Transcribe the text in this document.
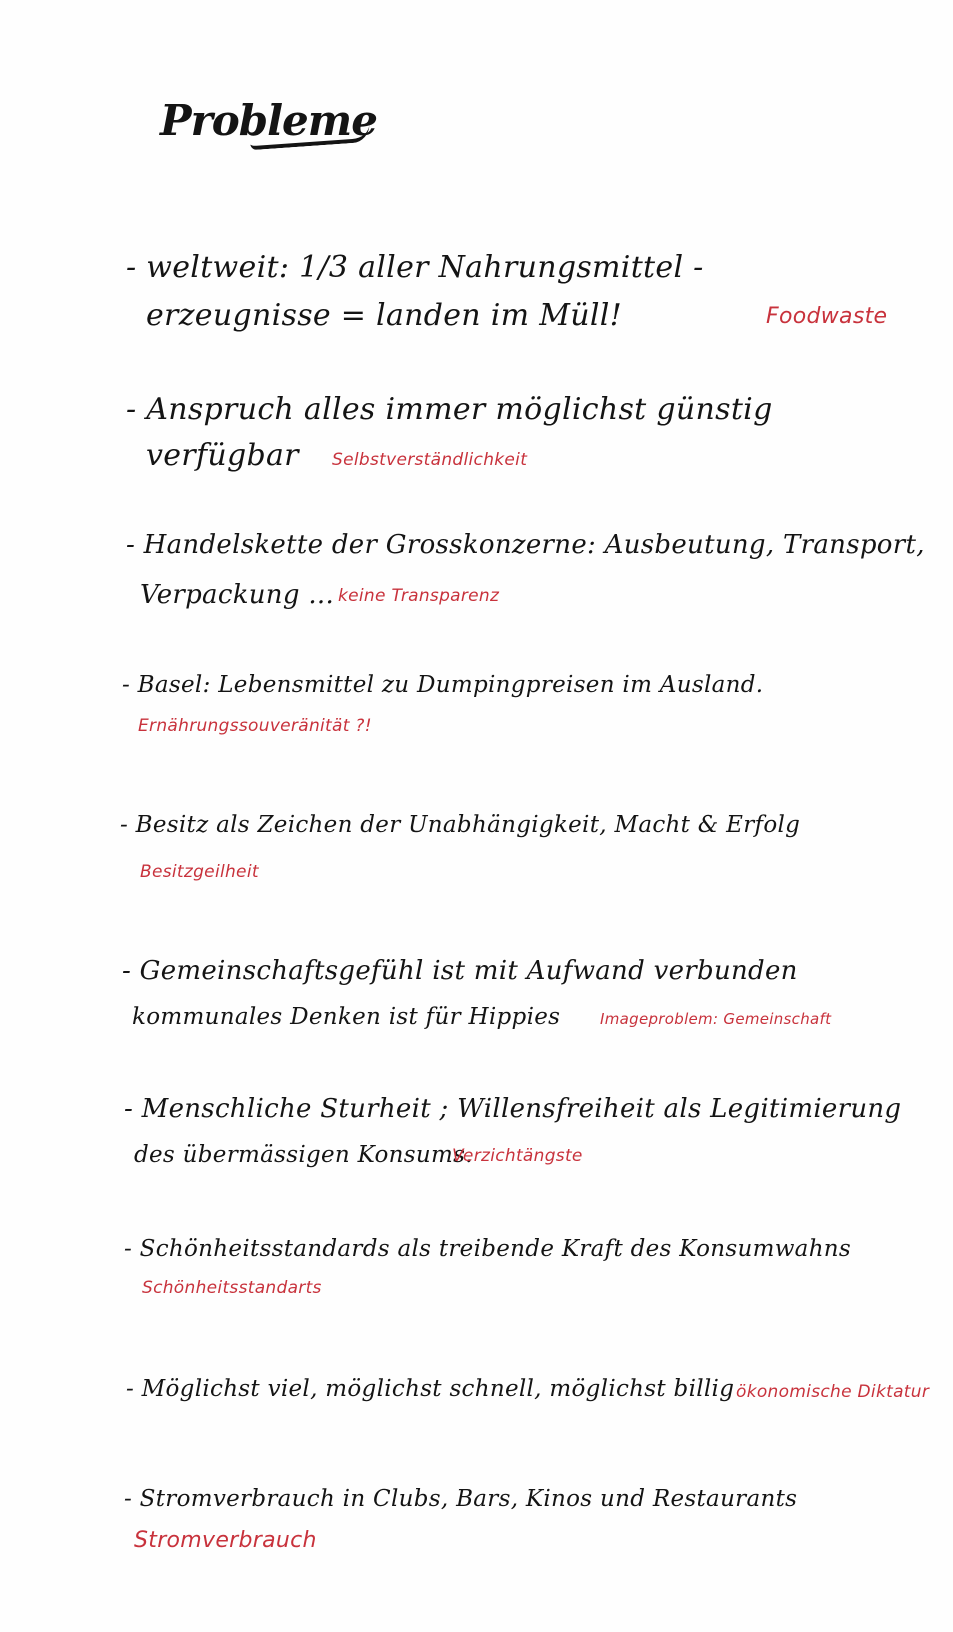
Probleme
- weltweit: 1/3 aller Nahrungsmittel -
erzeugnisse = landen im Müll!	Foodwaste
- Anspruch alles immer möglichst günstig
verfügbar Selbstverständlichkeit
- Handelskette der Grosskonzerne: Ausbeutung, Transport,
Verpackung ... keine Transparenz
- Basel: Lebensmittel zu Dumpingpreisen im Ausland.
Ernährungssouveränität ?!
- Besitz als Zeichen der Unabhängigkeit, Macht & Erfolg
Besitzgeilheit
- Gemeinschaftsgefühl ist mit Aufwand verbunden
kommunales Denken ist für Hippies	Imageproblem: Gemeinschaft
- Menschliche Sturheit ; Willensfreiheit als Legitimierung
des übermässigen Konsums.
Verzichtängste
- Schönheitsstandards als treibende Kraft des Konsumwahns
Schönheitsstandarts
- Möglichst viel, möglichst schnell, möglichst billig ökonomische Diktatur
- Stromverbrauch in Clubs, Bars, Kinos und Restaurants
Stromverbrauch
